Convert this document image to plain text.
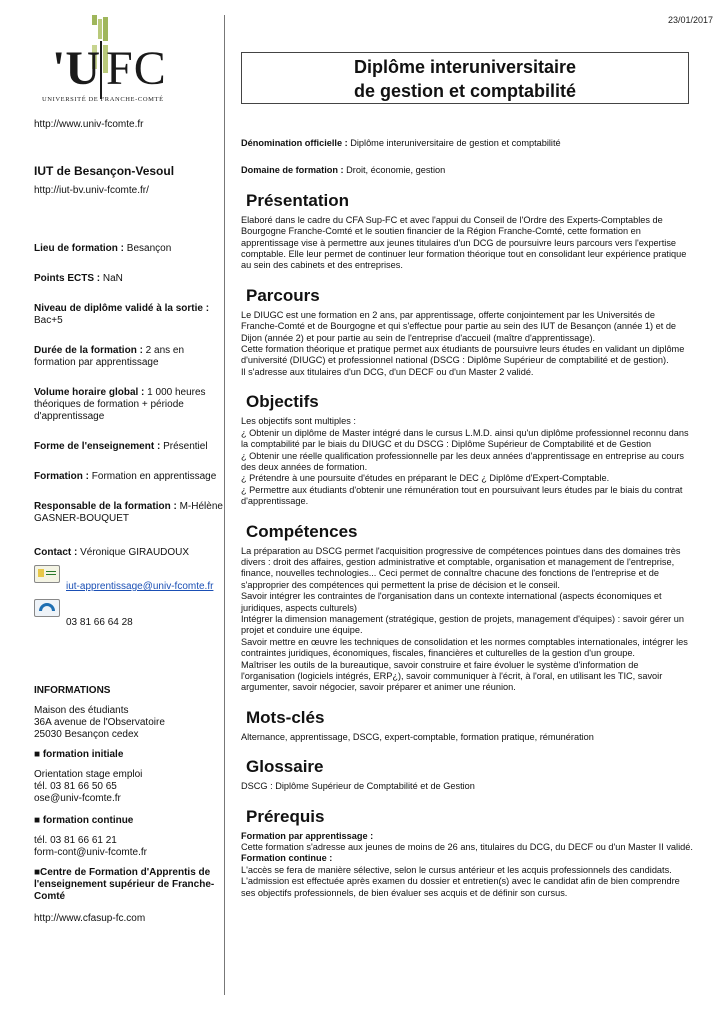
23/01/2017
'U FC
UNIVERSITÉ DE FRANCHE-COMTÉ
http://www.univ-fcomte.fr
IUT de Besançon-Vesoul
http://iut-bv.univ-fcomte.fr/
Lieu de formation : Besançon
Points ECTS : NaN
Niveau de diplôme validé à la sortie :
Bac+5
Durée de la formation : 2 ans en formation par apprentissage
Volume horaire global : 1 000 heures théoriques de formation + période d'apprentissage
Forme de l'enseignement : Présentiel
Formation : Formation en apprentissage
Responsable de la formation : M-Hélène GASNER-BOUQUET
Contact : Véronique GIRAUDOUX
iut-apprentissage@univ-fcomte.fr
03 81 66 64 28
INFORMATIONS
Maison des étudiants
36A avenue de l'Observatoire
25030 Besançon cedex
■ formation initiale
Orientation stage emploi
tél. 03 81 66 50 65
ose@univ-fcomte.fr
■ formation continue
tél. 03 81 66 61 21
form-cont@univ-fcomte.fr
■Centre de Formation d'Apprentis de l'enseignement supérieur de Franche-Comté
http://www.cfasup-fc.com
Diplôme interuniversitaire
de gestion et comptabilité
Dénomination officielle : Diplôme interuniversitaire de gestion et comptabilité
Domaine de formation : Droit, économie, gestion
Présentation

Elaboré dans le cadre du CFA Sup-FC et avec l'appui du Conseil de l'Ordre des Experts-Comptables de Bourgogne Franche-Comté et le soutien financier de la Région Franche-Comté, cette formation en apprentissage vise à permettre aux jeunes titulaires d'un DCG de poursuivre leurs parcours vers l'expertise comptable. Elle leur permet de continuer leur formation théorique tout en consolidant leur expérience pratique au sein des cabinets et des entreprises.

Parcours

Le DIUGC est une formation en 2 ans, par apprentissage, offerte conjointement par les Universités de Franche-Comté et de Bourgogne et qui s'effectue pour partie au sein des IUT de Besançon (année 1) et de Dijon (année 2) et pour partie au sein de l'entreprise d'accueil (maître d'apprentissage).

Cette formation théorique et pratique permet aux étudiants de poursuivre leurs études en validant un diplôme d'université (DIUGC) et professionnel national (DSCG : Diplôme Supérieur de comptabilité et de gestion).

Il s'adresse aux titulaires d'un DCG, d'un DECF ou d'un Master 2 validé.

Objectifs

Les objectifs sont multiples :

¿ Obtenir un diplôme de Master intégré dans le cursus L.M.D. ainsi qu'un diplôme professionnel reconnu dans la comptabilité par le biais du DIUGC et du DSCG : Diplôme Supérieur de Comptabilité et de Gestion

¿ Obtenir une réelle qualification professionnelle par les deux années d'apprentissage en entreprise au cours des deux années de formation.

¿ Prétendre à une poursuite d'études en préparant le DEC ¿ Diplôme d'Expert-Comptable.

¿ Permettre aux étudiants d'obtenir une rémunération tout en poursuivant leurs études par le biais du contrat d'apprentissage.

Compétences

La préparation au DSCG permet l'acquisition progressive de compétences pointues dans des domaines très divers : droit des affaires, gestion administrative et comptable, organisation et management de l'entreprise, finance, nouvelles technologies... Ceci permet de connaître chacune des fonctions de l'entreprise et de s'approprier des compétences qui permettent la prise de décision et le conseil.

Savoir intégrer les contraintes de l'organisation dans un contexte international (aspects économiques et juridiques, aspects culturels)

Intégrer la dimension management (stratégique, gestion de projets, management d'équipes) : savoir gérer un projet et conduire une équipe.

Savoir mettre en œuvre les techniques de consolidation et les normes comptables internationales, intégrer les contraintes juridiques, économiques, fiscales, financières et culturelles de la gestion d'un groupe.

Maîtriser les outils de la bureautique, savoir construire et faire évoluer le système d'information de l'organisation (logiciels intégrés, ERP¿), savoir communiquer à l'écrit, à l'oral, en utilisant les TIC, savoir argumenter, savoir négocier, savoir préparer et animer une réunion.

Mots-clés

Alternance, apprentissage, DSCG, expert-comptable, formation pratique, rémunération

Glossaire

DSCG : Diplôme Supérieur de Comptabilité et de Gestion

Prérequis

Formation par apprentissage :

Cette formation s'adresse aux jeunes de moins de 26 ans, titulaires du DCG, du DECF ou d'un Master II validé.

Formation continue :

L'accès se fera de manière sélective, selon le cursus antérieur et les acquis professionnels des candidats. L'admission est effectuée après examen du dossier et entretien(s) avec le candidat afin de bien comprendre ses objectifs professionnels, de bien évaluer ses acquis et de définir son cursus.
